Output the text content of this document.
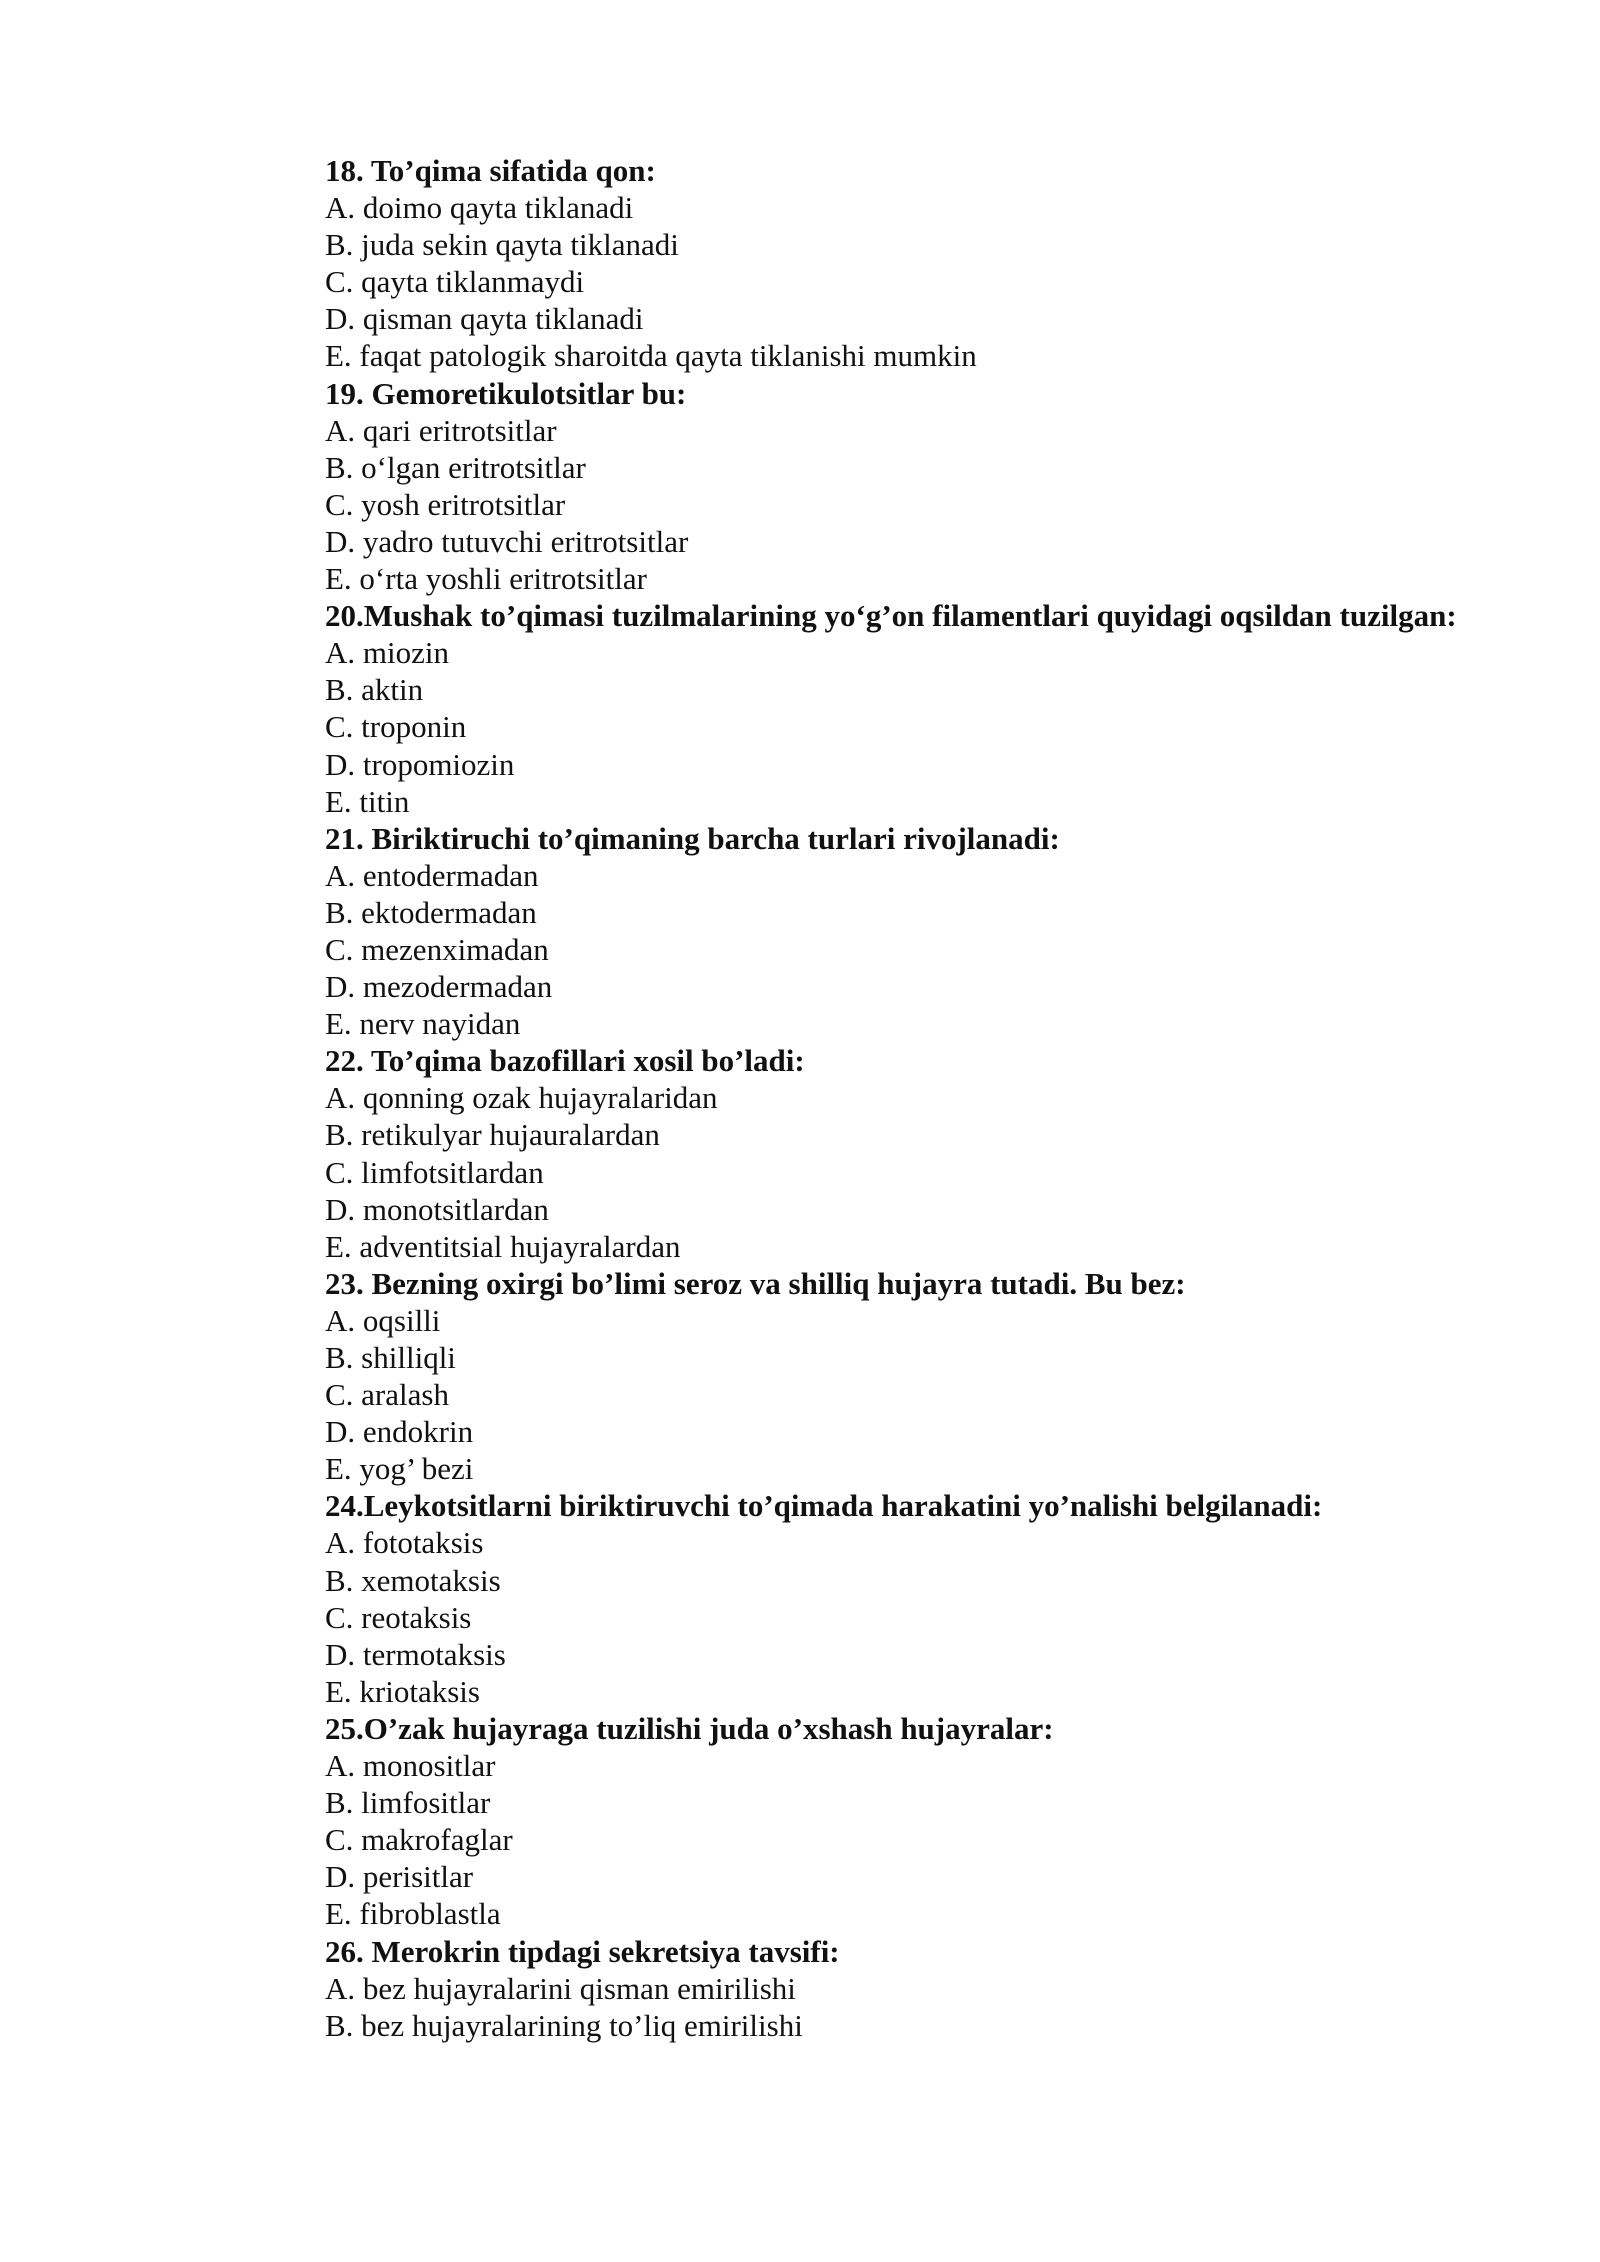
18. To’qima sifatida qon:
A. doimo qayta tiklanadi
B. juda sekin qayta tiklanadi
C. qayta tiklanmaydi
D. qisman qayta tiklanadi
E. faqat patologik sharoitda qayta tiklanishi mumkin
19. Gemoretikulotsitlar bu:
A. qari eritrotsitlar
B. o‘lgan eritrotsitlar
C. yosh eritrotsitlar
D. yadro tutuvchi eritrotsitlar
E. o‘rta yoshli eritrotsitlar
20.Mushak to’qimasi tuzilmalarining yo‘g’on filamentlari quyidagi oqsildan tuzilgan:
A. miozin
B. aktin
C. troponin
D. tropomiozin
E. titin
21. Biriktiruchi to’qimaning barcha turlari rivojlanadi:
A. entodermadan
B. ektodermadan
C. mezenximadan
D. mezodermadan
E. nerv nayidan
22. To’qima bazofillari xosil bo’ladi:
A. qonning ozak hujayralaridan
B. retikulyar hujauralardan
C. limfotsitlardan
D. monotsitlardan
E. adventitsial hujayralardan
23. Bezning oxirgi bo’limi seroz va shilliq hujayra tutadi. Bu bez:
A. oqsilli
B. shilliqli
C. aralash
D. endokrin
E. yog’ bezi
24.Leykotsitlarni biriktiruvchi to’qimada harakatini yo’nalishi belgilanadi:
A. fototaksis
B. xemotaksis
C. reotaksis
D. termotaksis
E. kriotaksis
25.O’zak hujayraga tuzilishi juda o’xshash hujayralar:
A. monositlar
B. limfositlar
C. makrofaglar
D. perisitlar
E. fibroblastla
26. Merokrin tipdagi sekretsiya tavsifi:
A. bez hujayralarini qisman emirilishi
B. bez hujayralarining to’liq emirilishi
